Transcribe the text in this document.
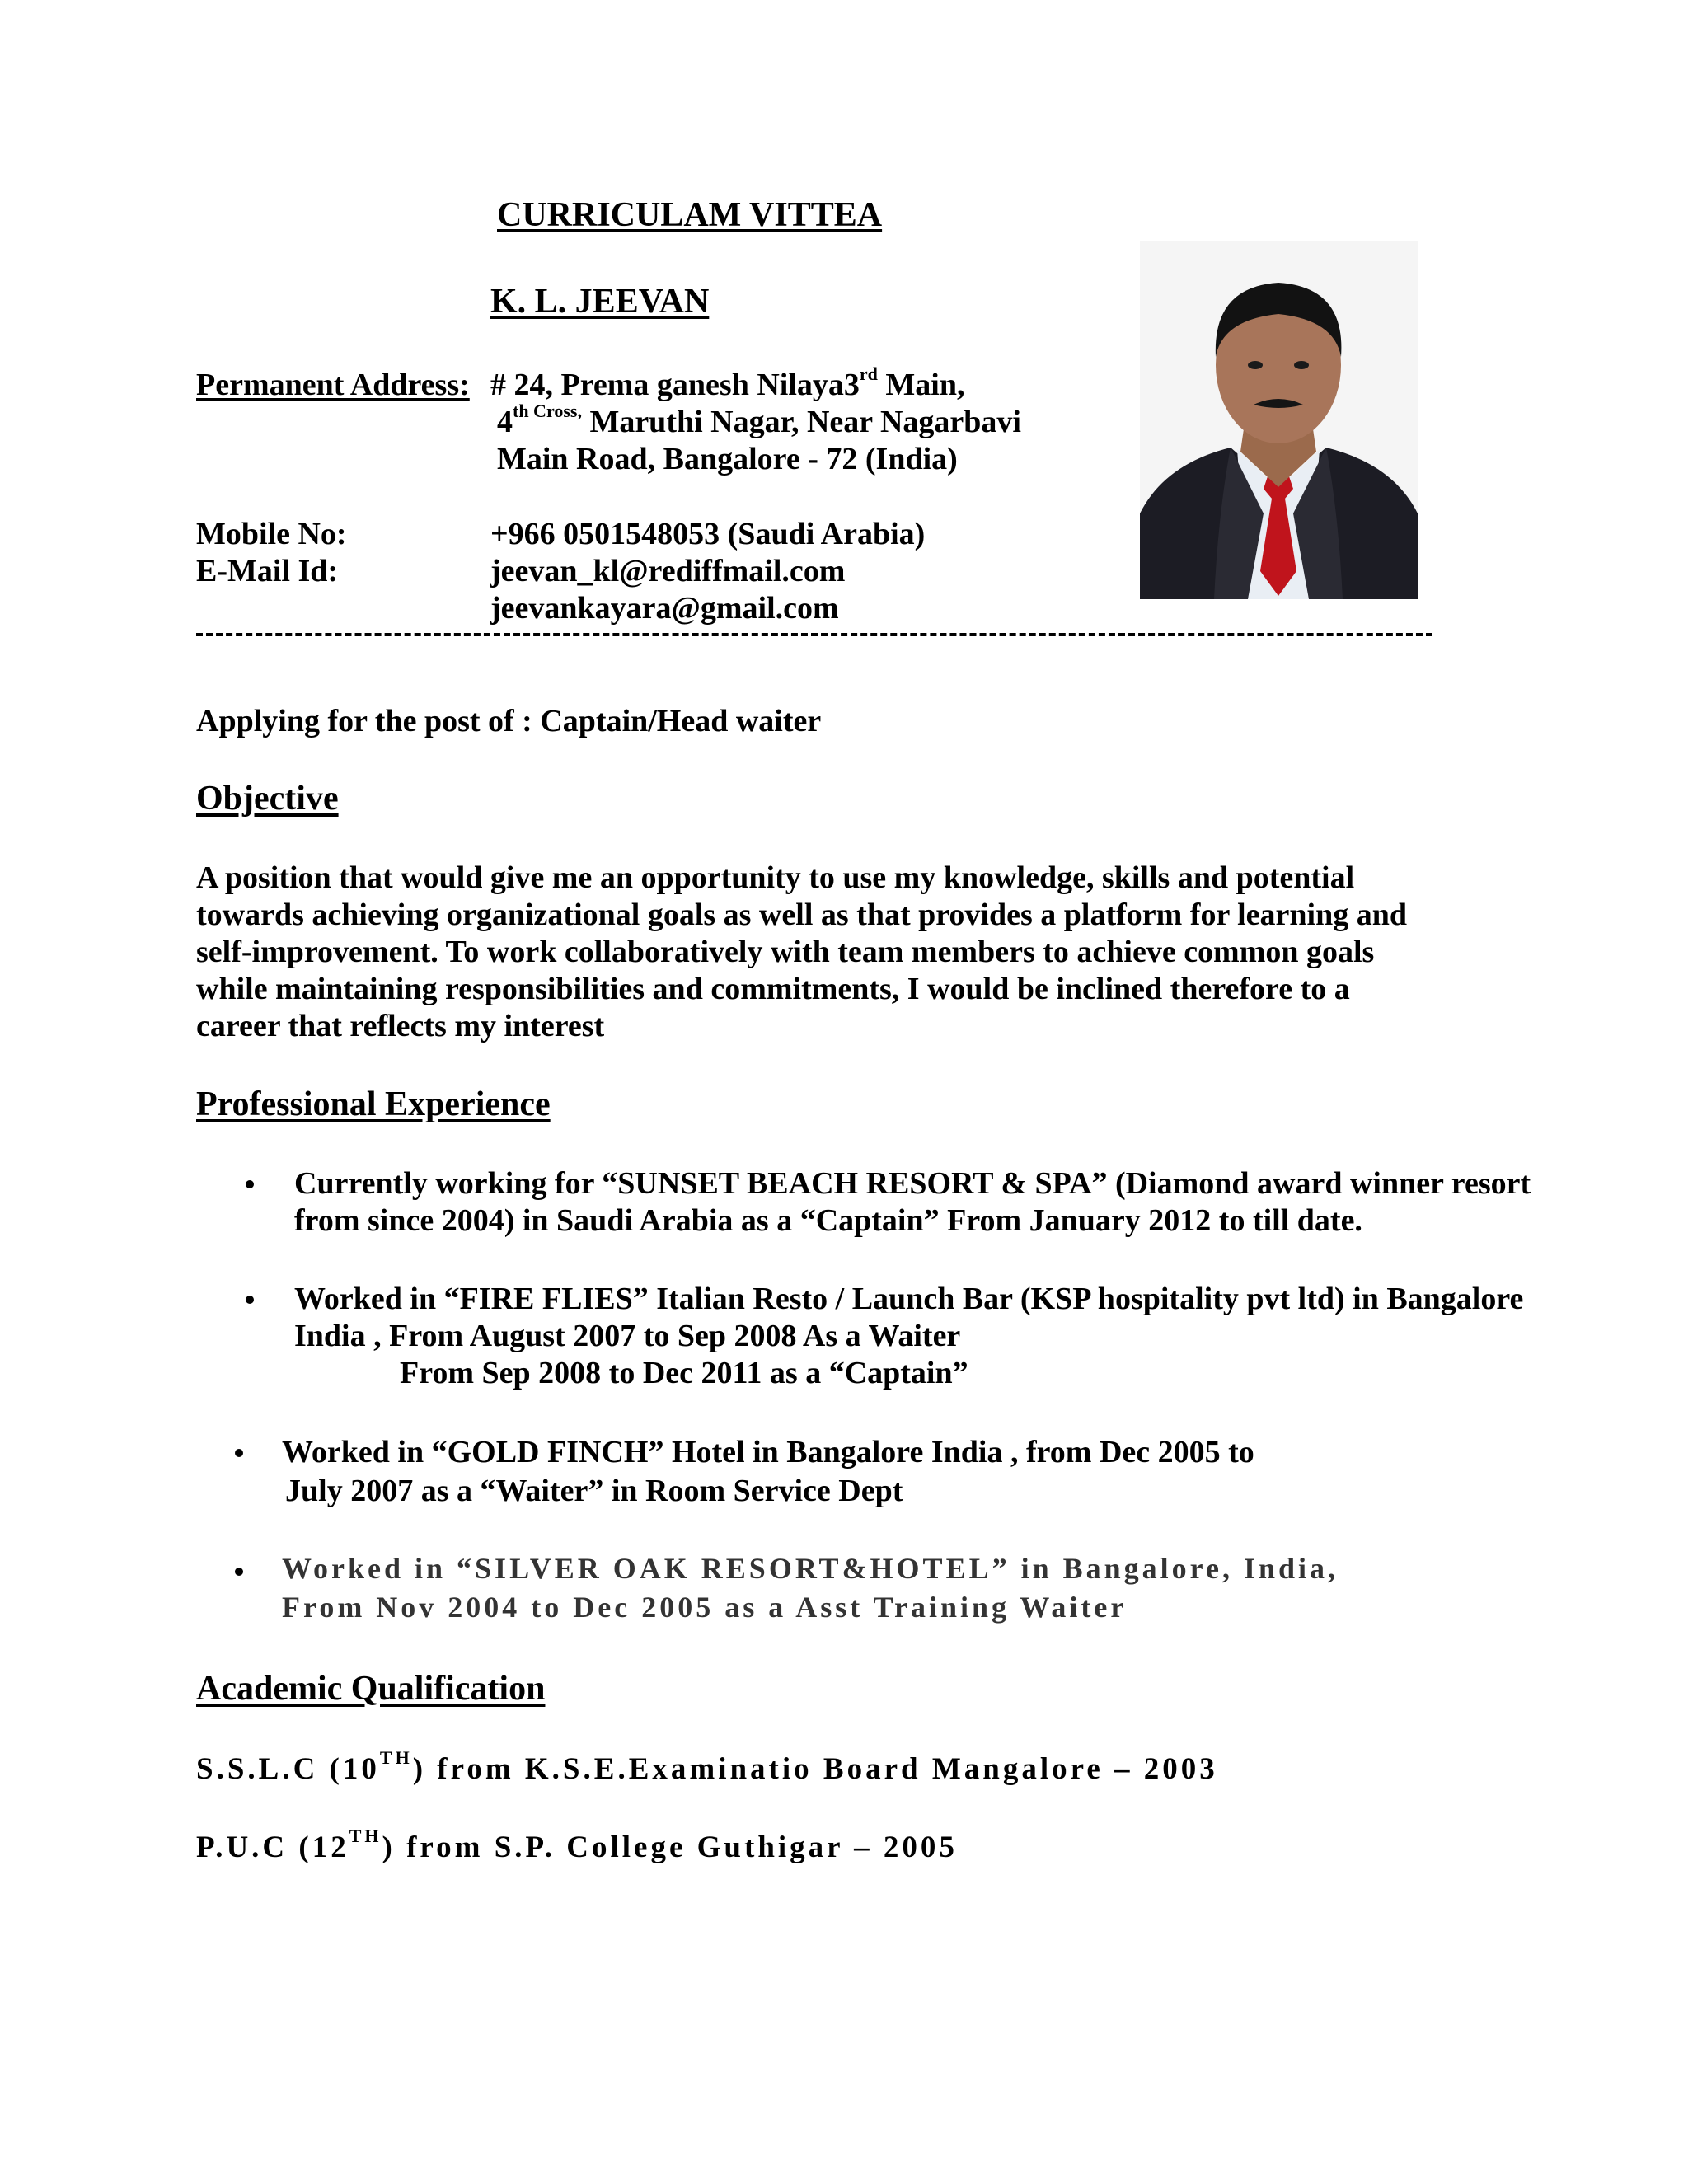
CURRICULAM VITTEA
K. L. JEEVAN
Permanent Address: # 24, Prema ganesh Nilaya3rd Main,
$4^{th Cross,}$ Maruthi Nagar, Near Nagarbavi
Main Road, Bangalore - 72 (India)
Mobile No:	+966 0501548053 (Saudi Arabia)
E-Mail Id:	jeevan_kl@rediffmail.com
jeevankayara@gmail.com
Applying for the post of : Captain/Head waiter
Objective
A position that would give me an opportunity to use my knowledge, skills and potential
towards achieving organizational goals as well as that provides a platform for learning and
self-improvement. To work collaboratively with team members to achieve common goals
while maintaining responsibilities and commitments, I would be inclined therefore to a
career that reflects my interest
Professional Experience
Currently working for “SUNSET BEACH RESORT & SPA” (Diamond award winner resort
from since 2004) in Saudi Arabia as a “Captain” From January 2012 to till date.
Worked in “FIRE FLIES” Italian Resto / Launch Bar (KSP hospitality pvt ltd) in Bangalore
India , From August 2007 to Sep 2008 As a Waiter
From Sep 2008 to Dec 2011 as a “Captain”
Worked in “GOLD FINCH” Hotel in Bangalore India , from Dec 2005 to
July 2007 as a “Waiter” in Room Service Dept
Worked in “SILVER OAK RESORT&HOTEL” in Bangalore, India,
From Nov 2004 to Dec 2005 as a Asst Training Waiter
Academic Qualification
S.S.L.C (10TH) from K.S.E.Examinatio Board Mangalore – 2003
P.U.C (12TH) from S.P. College Guthigar – 2005
